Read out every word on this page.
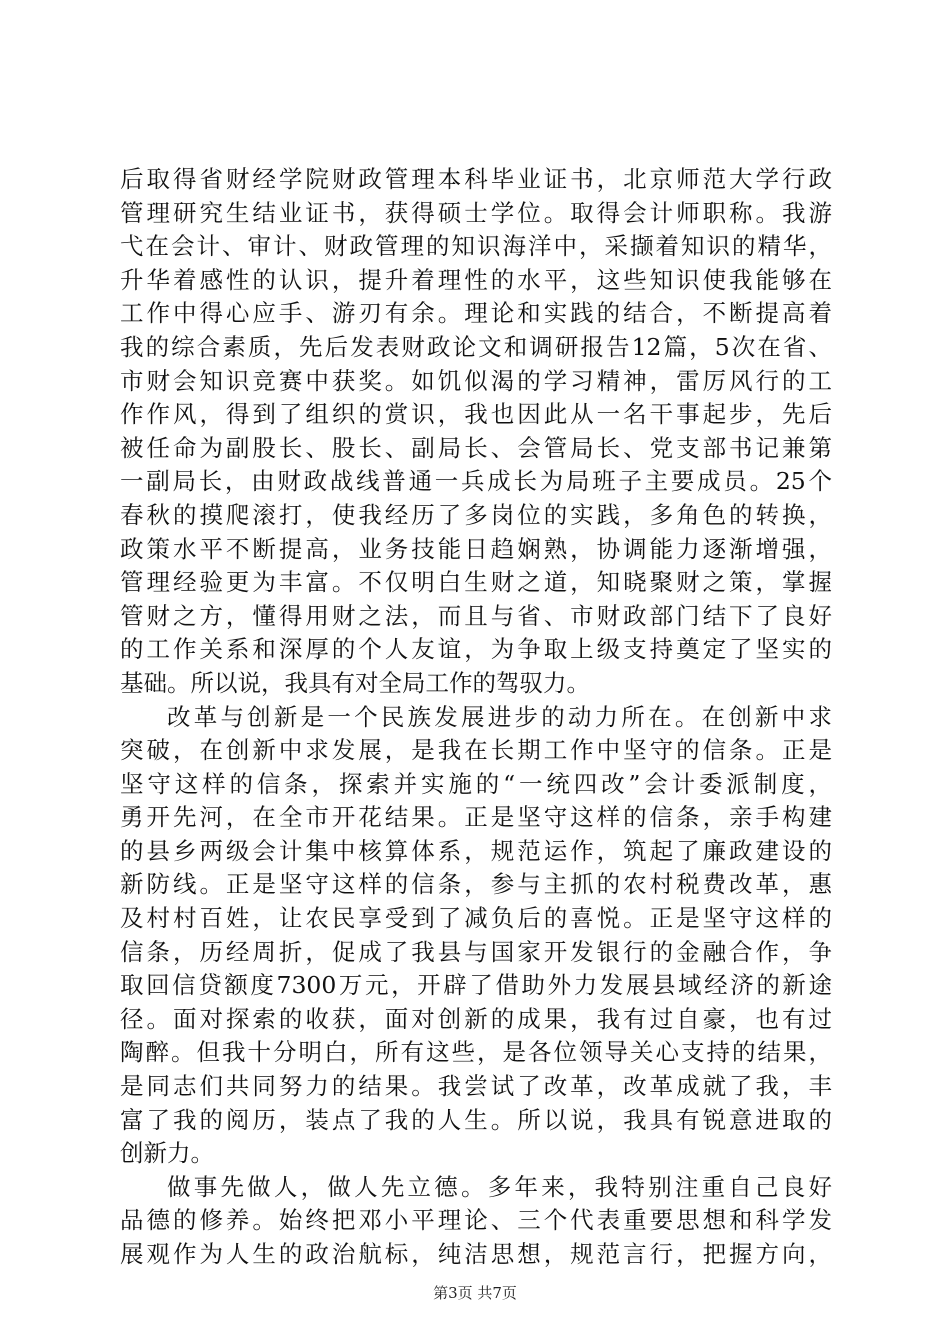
后取得省财经学院财政管理本科毕业证书，北京师范大学行政
管理研究生结业证书，获得硕士学位。取得会计师职称。我游
弋在会计、审计、财政管理的知识海洋中，采撷着知识的精华，
升华着感性的认识，提升着理性的水平，这些知识使我能够在
工作中得心应手、游刃有余。理论和实践的结合，不断提高着
我的综合素质，先后发表财政论文和调研报告12篇，5次在省、
市财会知识竞赛中获奖。如饥似渴的学习精神，雷厉风行的工
作作风，得到了组织的赏识，我也因此从一名干事起步，先后
被任命为副股长、股长、副局长、会管局长、党支部书记兼第
一副局长，由财政战线普通一兵成长为局班子主要成员。25个
春秋的摸爬滚打，使我经历了多岗位的实践，多角色的转换，
政策水平不断提高，业务技能日趋娴熟，协调能力逐渐增强，
管理经验更为丰富。不仅明白生财之道，知晓聚财之策，掌握
管财之方，懂得用财之法，而且与省、市财政部门结下了良好
的工作关系和深厚的个人友谊，为争取上级支持奠定了坚实的
基础。所以说，我具有对全局工作的驾驭力。
改革与创新是一个民族发展进步的动力所在。在创新中求
突破，在创新中求发展，是我在长期工作中坚守的信条。正是
坚守这样的信条，探索并实施的“一统四改”会计委派制度，
勇开先河，在全市开花结果。正是坚守这样的信条，亲手构建
的县乡两级会计集中核算体系，规范运作，筑起了廉政建设的
新防线。正是坚守这样的信条，参与主抓的农村税费改革，惠
及村村百姓，让农民享受到了减负后的喜悦。正是坚守这样的
信条，历经周折，促成了我县与国家开发银行的金融合作，争
取回信贷额度7300万元，开辟了借助外力发展县域经济的新途
径。面对探索的收获，面对创新的成果，我有过自豪，也有过
陶醉。但我十分明白，所有这些，是各位领导关心支持的结果，
是同志们共同努力的结果。我尝试了改革，改革成就了我，丰
富了我的阅历，装点了我的人生。所以说，我具有锐意进取的
创新力。
做事先做人，做人先立德。多年来，我特别注重自己良好
品德的修养。始终把邓小平理论、三个代表重要思想和科学发
展观作为人生的政治航标，纯洁思想，规范言行，把握方向，
第3页 共7页
